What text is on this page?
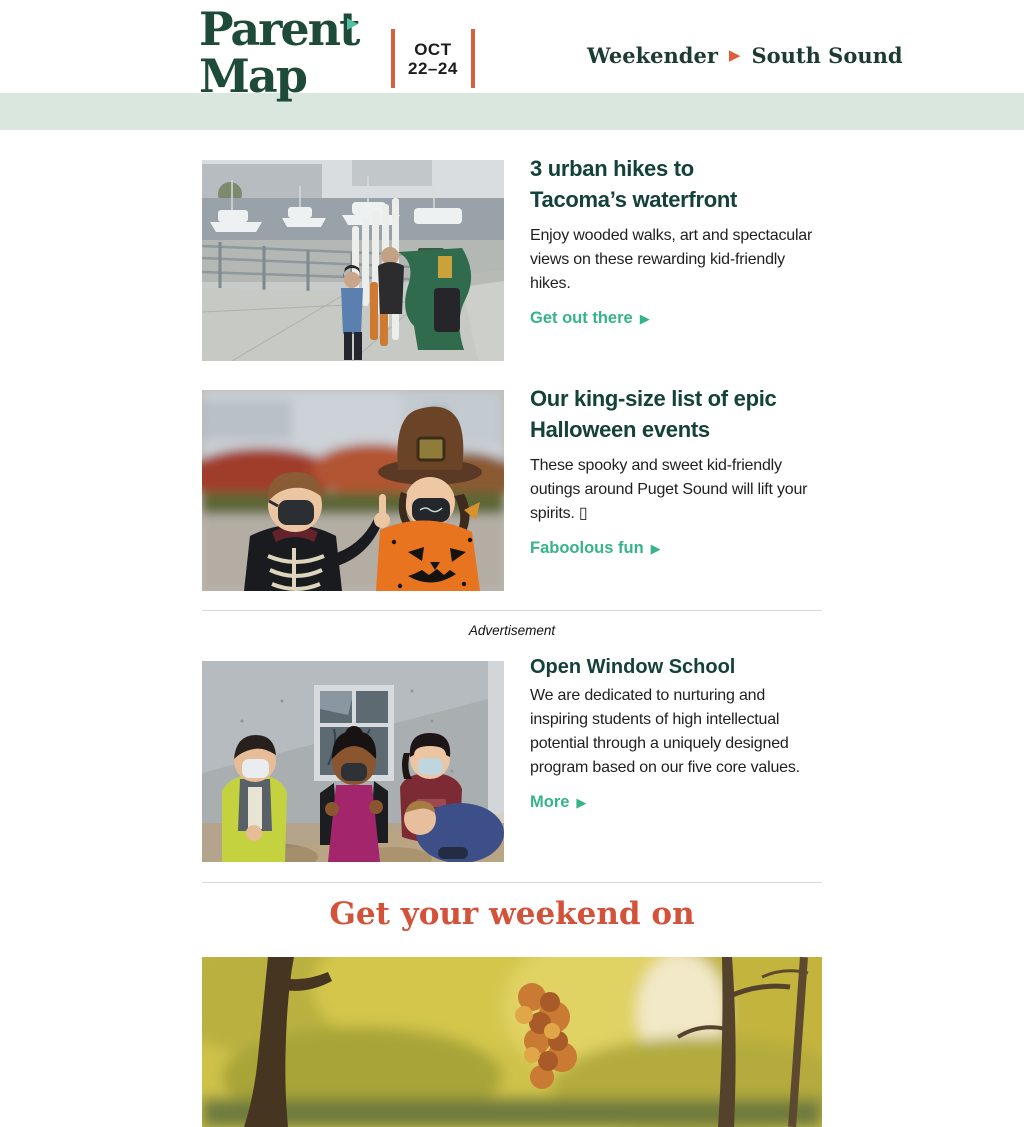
Parent
Map	OCT
22–24	Weekender ▶ South Sound
3 urban hikes to
Tacoma’s waterfront

Enjoy wooded walks, art and spectacular views on these rewarding kid-friendly hikes.

Get out there ▶
Our king-size list of epic
Halloween events

These spooky and sweet kid-friendly outings around Puget Sound will lift your spirits. ▯

Faboolous fun ▶

Advertisement

Open Window School

We are dedicated to nurturing and inspiring students of high intellectual potential through a uniquely designed program based on our five core values.

More ▶
Get your weekend on
